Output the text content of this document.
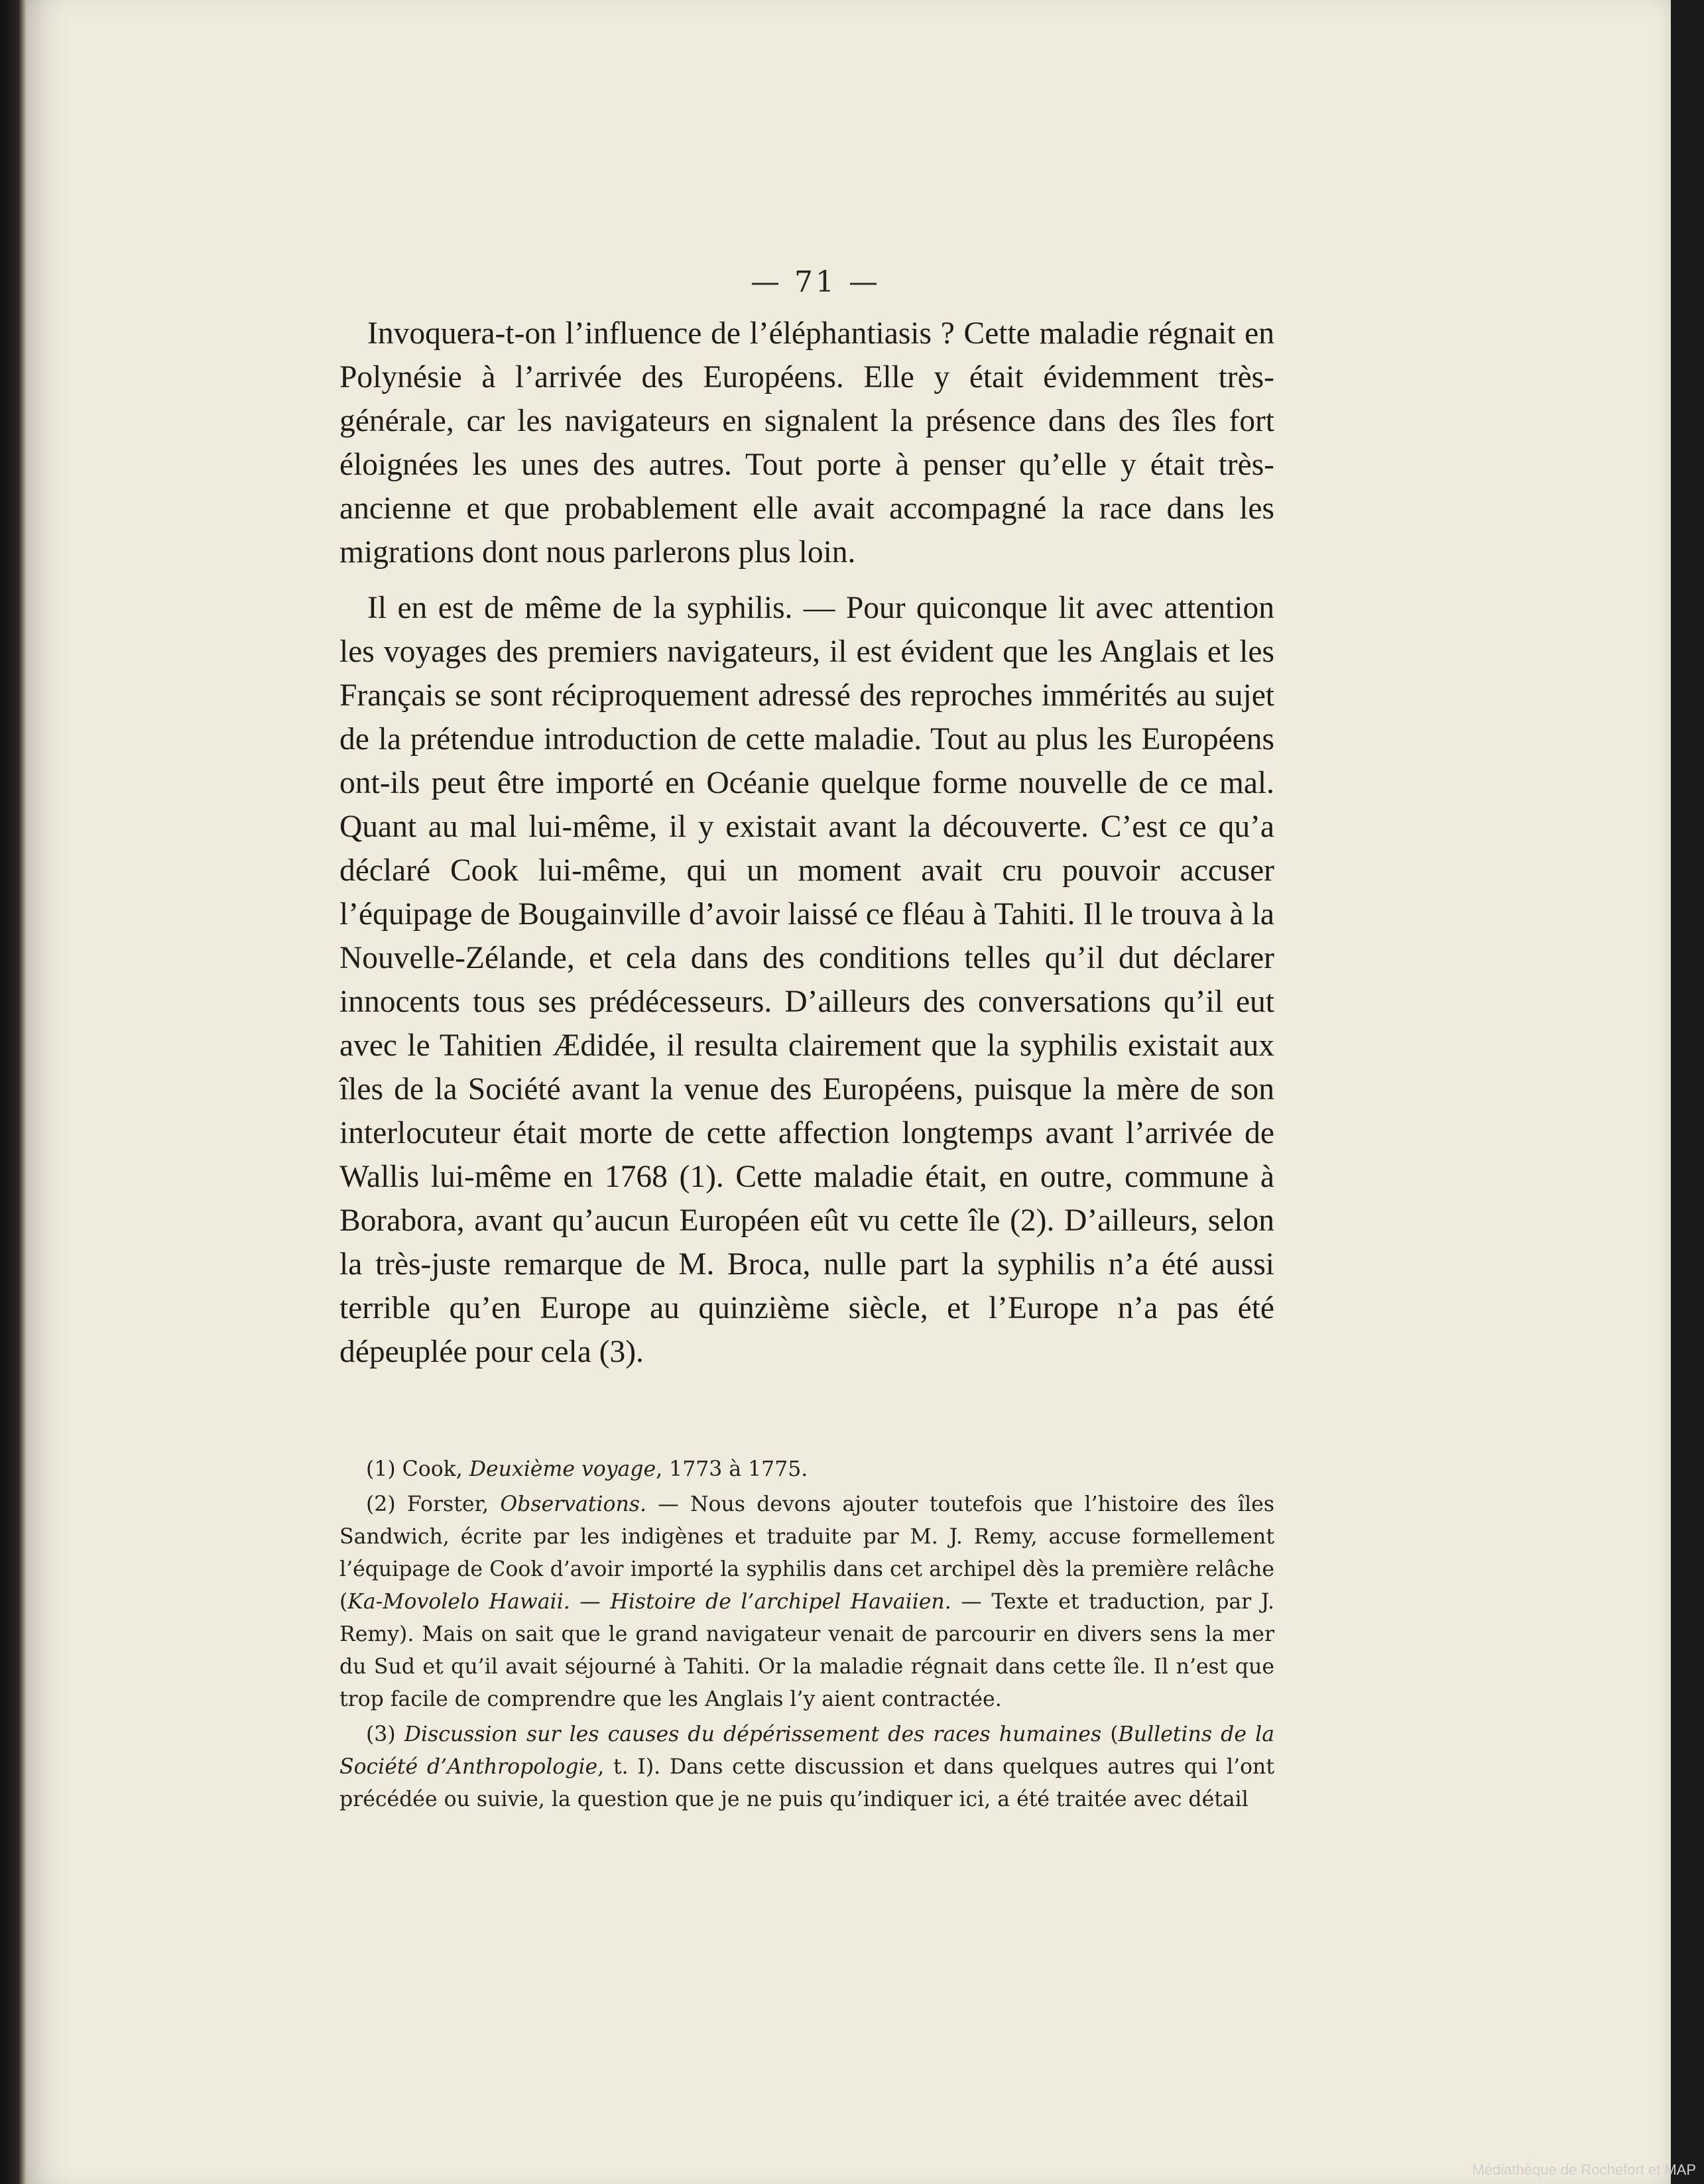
— 71 —

Invoquera-t-on l’influence de l’éléphantiasis ? Cette maladie régnait en Polynésie à l’arrivée des Européens. Elle y était évidemment très-générale, car les navigateurs en signalent la présence dans des îles fort éloignées les unes des autres. Tout porte à penser qu’elle y était très-ancienne et que probablement elle avait accompagné la race dans les migrations dont nous parlerons plus loin.

Il en est de même de la syphilis. — Pour quiconque lit avec attention les voyages des premiers navigateurs, il est évident que les Anglais et les Français se sont réciproquement adressé des reproches immérités au sujet de la prétendue introduction de cette maladie. Tout au plus les Européens ont-ils peut être importé en Océanie quelque forme nouvelle de ce mal. Quant au mal lui-même, il y existait avant la découverte. C’est ce qu’a déclaré Cook lui-même, qui un moment avait cru pouvoir accuser l’équipage de Bougainville d’avoir laissé ce fléau à Tahiti. Il le trouva à la Nouvelle-Zélande, et cela dans des conditions telles qu’il dut déclarer innocents tous ses prédécesseurs. D’ailleurs des conversations qu’il eut avec le Tahitien Ædidée, il resulta clairement que la syphilis existait aux îles de la Société avant la venue des Européens, puisque la mère de son interlocuteur était morte de cette affection longtemps avant l’arrivée de Wallis lui-même en 1768 (1). Cette maladie était, en outre, commune à Borabora, avant qu’aucun Européen eût vu cette île (2). D’ailleurs, selon la très-juste remarque de M. Broca, nulle part la syphilis n’a été aussi terrible qu’en Europe au quinzième siècle, et l’Europe n’a pas été dépeuplée pour cela (3).

(1) Cook, Deuxième voyage, 1773 à 1775.

(2) Forster, Observations. — Nous devons ajouter toutefois que l’histoire des îles Sandwich, écrite par les indigènes et traduite par M. J. Remy, accuse formellement l’équipage de Cook d’avoir importé la syphilis dans cet archipel dès la première relâche (Ka-Movolelo Hawaii. — Histoire de l’archipel Havaiien. — Texte et traduction, par J. Remy). Mais on sait que le grand navigateur venait de parcourir en divers sens la mer du Sud et qu’il avait séjourné à Tahiti. Or la maladie régnait dans cette île. Il n’est que trop facile de comprendre que les Anglais l’y aient contractée.

(3) Discussion sur les causes du dépérissement des races humaines (Bulletins de la Société d’Anthropologie, t. I). Dans cette discussion et dans quelques autres qui l’ont précédée ou suivie, la question que je ne puis qu’indiquer ici, a été traitée avec détail

Médiathèque de Rochefort et MAP
